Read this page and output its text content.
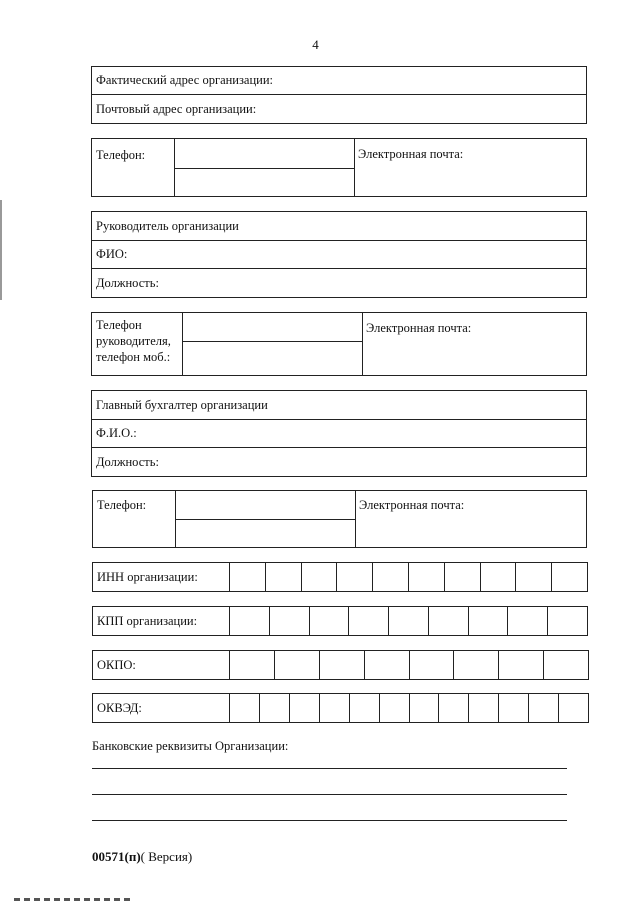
4
Фактический адрес организации:
Почтовый адрес организации:
Телефон:	Электронная почта:
Руководитель организации
ФИО:
Должность:
Телефон
руководителя,
телефон моб.:
Электронная почта:
Главный бухгалтер организации
Ф.И.О.:
Должность:
Телефон:	Электронная почта:
ИНН организации:
КПП организации:
ОКПО:
ОКВЭД:
Банковские реквизиты Организации:
00571(п)( Версия)
